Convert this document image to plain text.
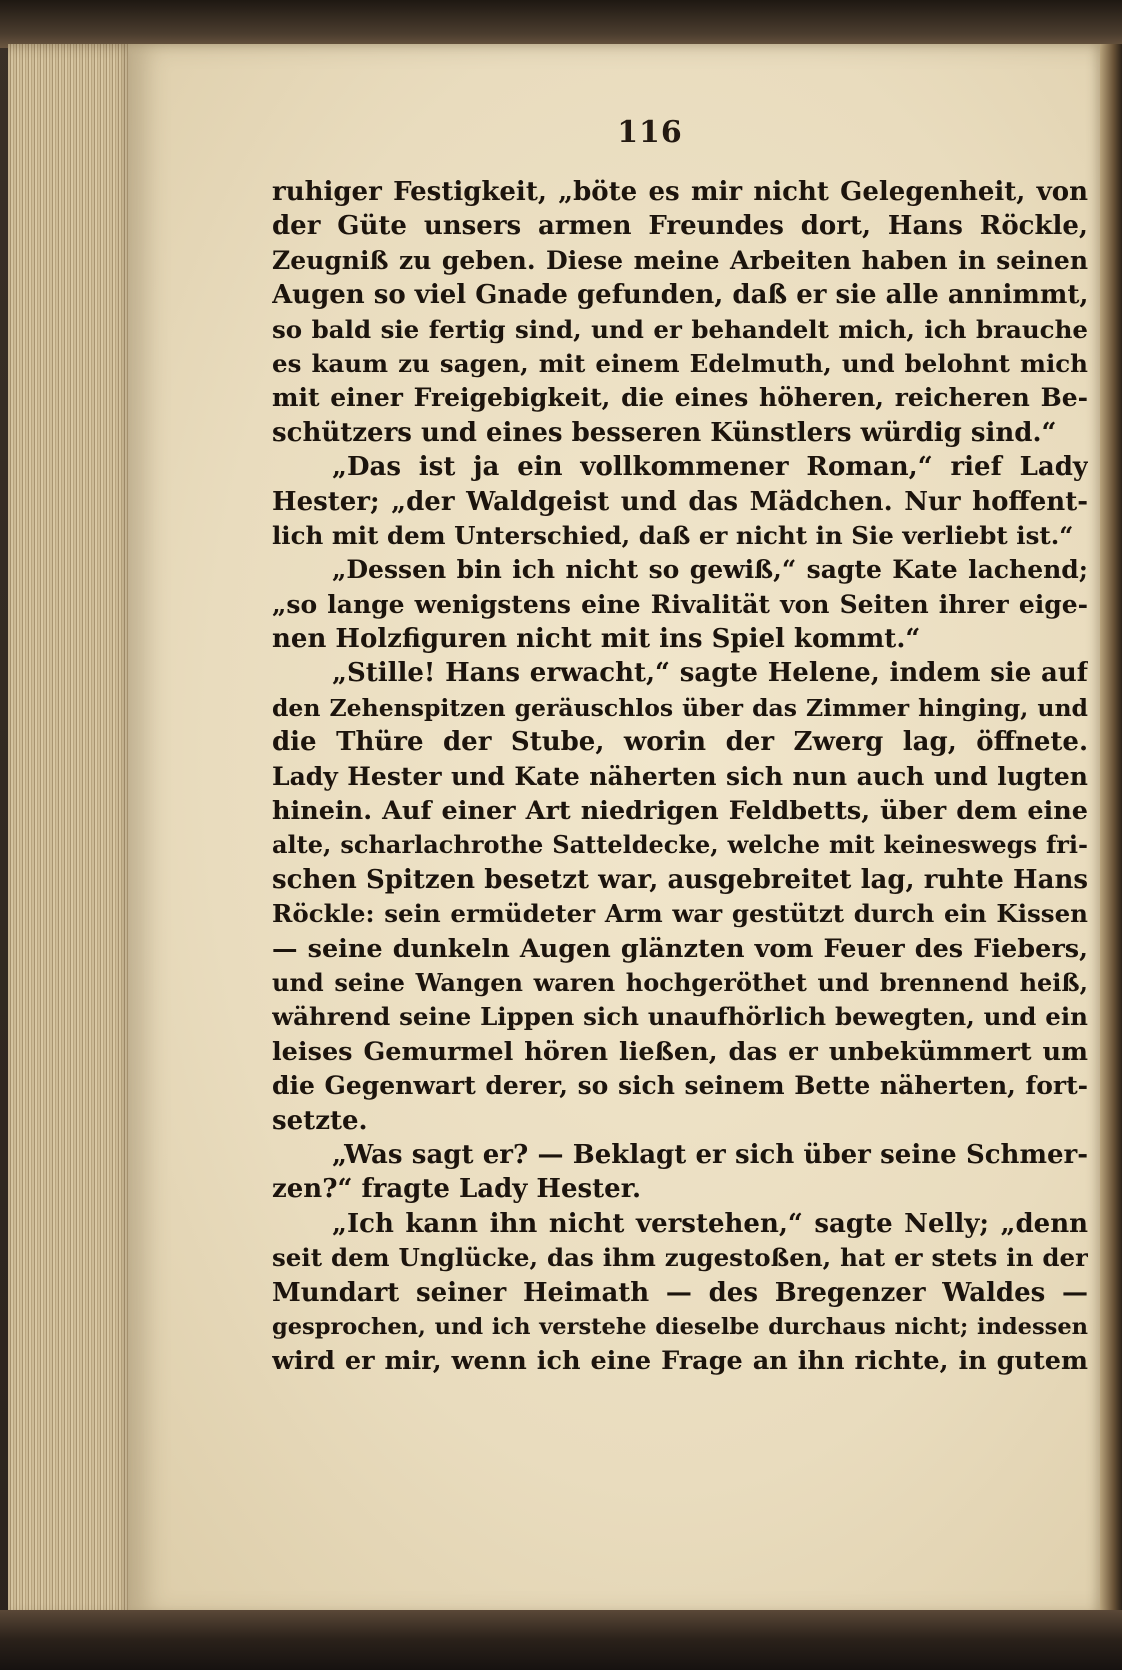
116
ruhiger Festigkeit, „böte es mir nicht Gelegenheit, von
der Güte unsers armen Freundes dort, Hans Röckle,
Zeugniß zu geben. Diese meine Arbeiten haben in seinen
Augen so viel Gnade gefunden, daß er sie alle annimmt,
so bald sie fertig sind, und er behandelt mich, ich brauche
es kaum zu sagen, mit einem Edelmuth, und belohnt mich
mit einer Freigebigkeit, die eines höheren, reicheren Be-
schützers und eines besseren Künstlers würdig sind.“
„Das ist ja ein vollkommener Roman,“ rief Lady
Hester; „der Waldgeist und das Mädchen. Nur hoffent-
lich mit dem Unterschied, daß er nicht in Sie verliebt ist.“
„Dessen bin ich nicht so gewiß,“ sagte Kate lachend;
„so lange wenigstens eine Rivalität von Seiten ihrer eige-
nen Holzfiguren nicht mit ins Spiel kommt.“
„Stille! Hans erwacht,“ sagte Helene, indem sie auf
den Zehenspitzen geräuschlos über das Zimmer hinging, und
die Thüre der Stube, worin der Zwerg lag, öffnete.
Lady Hester und Kate näherten sich nun auch und lugten
hinein. Auf einer Art niedrigen Feldbetts, über dem eine
alte, scharlachrothe Satteldecke, welche mit keineswegs fri-
schen Spitzen besetzt war, ausgebreitet lag, ruhte Hans
Röckle: sein ermüdeter Arm war gestützt durch ein Kissen
— seine dunkeln Augen glänzten vom Feuer des Fiebers,
und seine Wangen waren hochgeröthet und brennend heiß,
während seine Lippen sich unaufhörlich bewegten, und ein
leises Gemurmel hören ließen, das er unbekümmert um
die Gegenwart derer, so sich seinem Bette näherten, fort-
setzte.
„Was sagt er? — Beklagt er sich über seine Schmer-
zen?“ fragte Lady Hester.
„Ich kann ihn nicht verstehen,“ sagte Nelly; „denn
seit dem Unglücke, das ihm zugestoßen, hat er stets in der
Mundart seiner Heimath — des Bregenzer Waldes —
gesprochen, und ich verstehe dieselbe durchaus nicht; indessen
wird er mir, wenn ich eine Frage an ihn richte, in gutem
